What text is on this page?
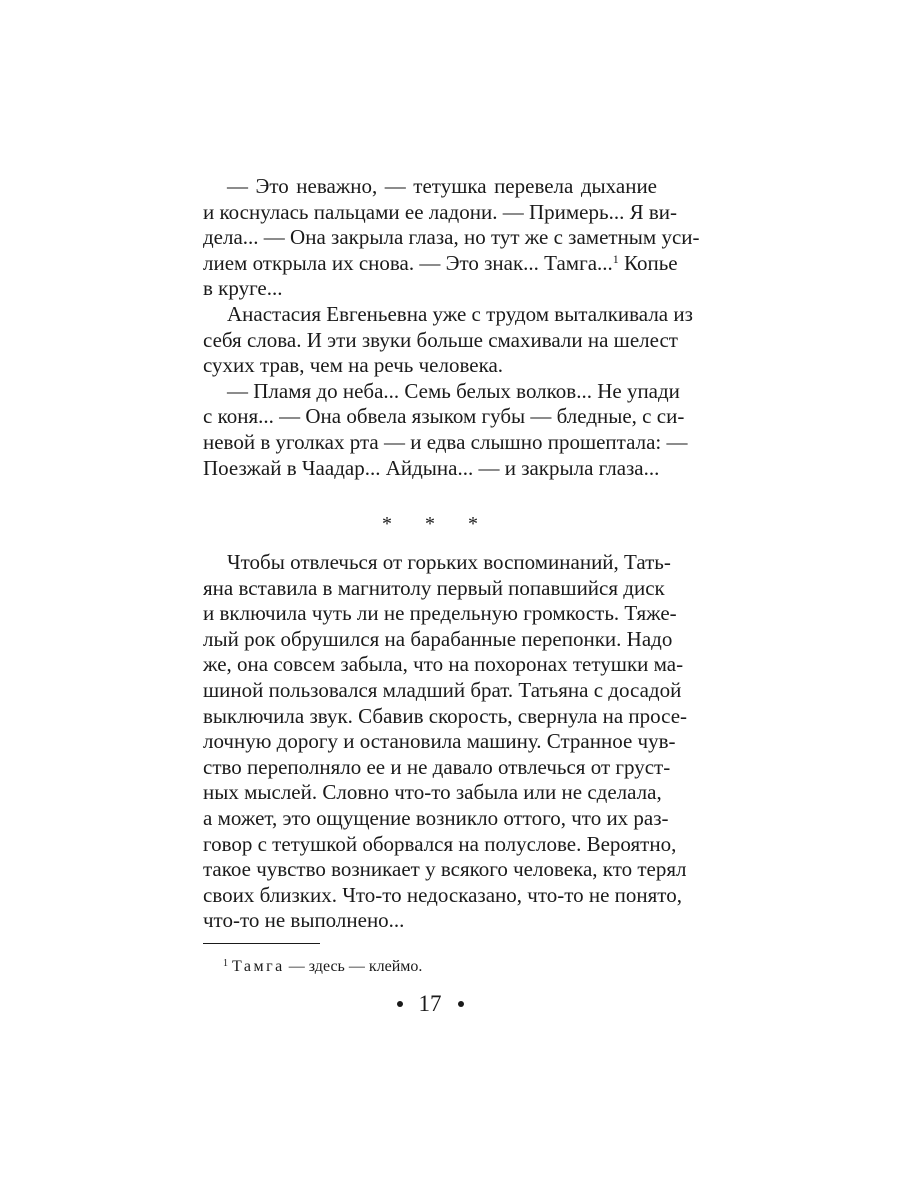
— Это неважно, — тетушка перевела дыхание
и коснулась пальцами ее ладони. — Примерь... Я ви-
дела... — Она закрыла глаза, но тут же с заметным уси-
лием открыла их снова. — Это знак... Тамга...$^1$ Копье
в круге...
Анастасия Евгеньевна уже с трудом выталкивала из
себя слова. И эти звуки больше смахивали на шелест
сухих трав, чем на речь человека.
— Пламя до неба... Семь белых волков... Не упади
с коня... — Она обвела языком губы — бледные, с си-
невой в уголках рта — и едва слышно прошептала: —
Поезжай в Чаадар... Айдына... — и закрыла глаза...
* * *
Чтобы отвлечься от горьких воспоминаний, Тать-
яна вставила в магнитолу первый попавшийся диск
и включила чуть ли не предельную громкость. Тяже-
лый рок обрушился на барабанные перепонки. Надо
же, она совсем забыла, что на похоронах тетушки ма-
шиной пользовался младший брат. Татьяна с досадой
выключила звук. Сбавив скорость, свернула на просе-
лочную дорогу и остановила машину. Странное чув-
ство переполняло ее и не давало отвлечься от груст-
ных мыслей. Словно что-то забыла или не сделала,
а может, это ощущение возникло оттого, что их раз-
говор с тетушкой оборвался на полуслове. Вероятно,
такое чувство возникает у всякого человека, кто терял
своих близких. Что-то недосказано, что-то не понято,
что-то не выполнено...
$^1$ Тамга — здесь — клеймо.
17
